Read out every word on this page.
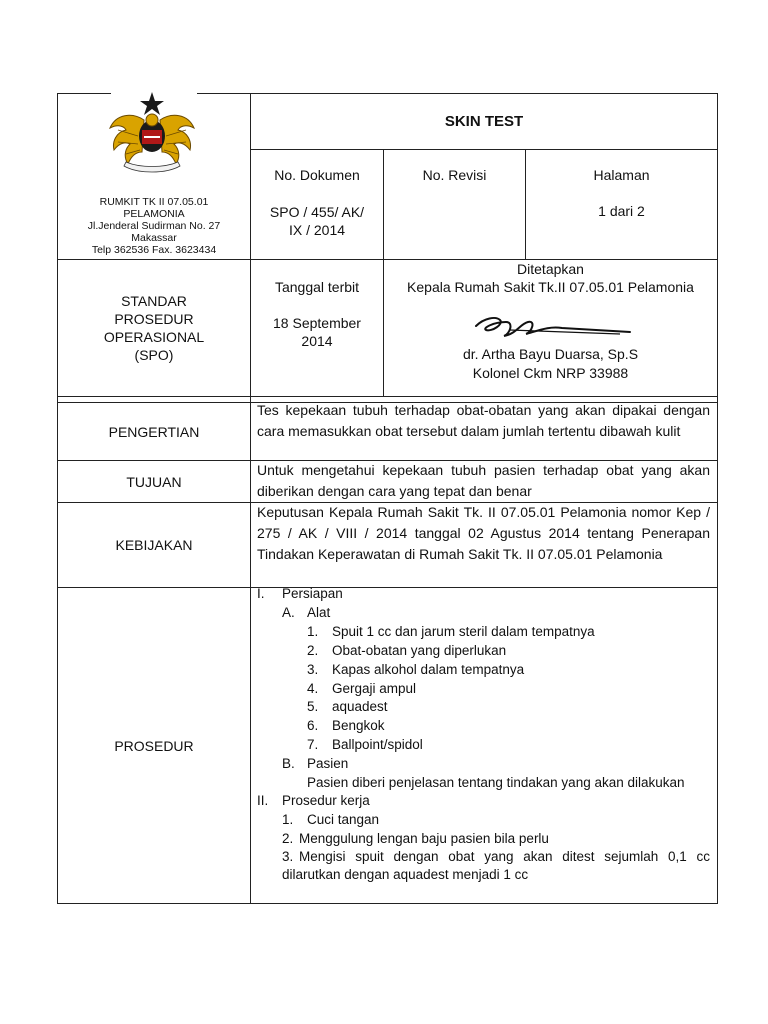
SKIN TEST
RUMKIT TK II 07.05.01
PELAMONIA
Jl.Jenderal Sudirman No. 27
Makassar
Telp 362536 Fax. 3623434
No. Dokumen
SPO / 455/ AK/
IX / 2014
No. Revisi	Halaman
1 dari 2
STANDAR
PROSEDUR
OPERASIONAL
(SPO)
Tanggal terbit
18 September
2014
Ditetapkan
Kepala Rumah Sakit Tk.II 07.05.01 Pelamonia
dr. Artha Bayu Duarsa, Sp.S
Kolonel Ckm NRP 33988
PENGERTIAN
Tes kepekaan tubuh terhadap obat-obatan yang akan dipakai dengan cara memasukkan obat tersebut dalam jumlah tertentu dibawah kulit
TUJUAN
Untuk mengetahui kepekaan tubuh pasien terhadap obat yang akan diberikan dengan cara yang tepat dan benar
KEBIJAKAN
Keputusan Kepala Rumah Sakit Tk. II 07.05.01 Pelamonia nomor Kep / 275 / AK / VIII / 2014 tanggal 02 Agustus 2014 tentang Penerapan Tindakan Keperawatan di Rumah Sakit Tk. II 07.05.01 Pelamonia
PROSEDUR
I. Persiapan
A. Alat
1. Spuit 1 cc dan jarum steril dalam tempatnya
2. Obat-obatan yang diperlukan
3. Kapas alkohol dalam tempatnya
4. Gergaji ampul
5. aquadest
6. Bengkok
7. Ballpoint/spidol
B. Pasien
Pasien diberi penjelasan tentang tindakan yang akan dilakukan
II. Prosedur kerja
1. Cuci tangan
2. Menggulung lengan baju pasien bila perlu
3. Mengisi spuit dengan obat yang akan ditest sejumlah 0,1 cc dilarutkan dengan aquadest menjadi 1 cc
